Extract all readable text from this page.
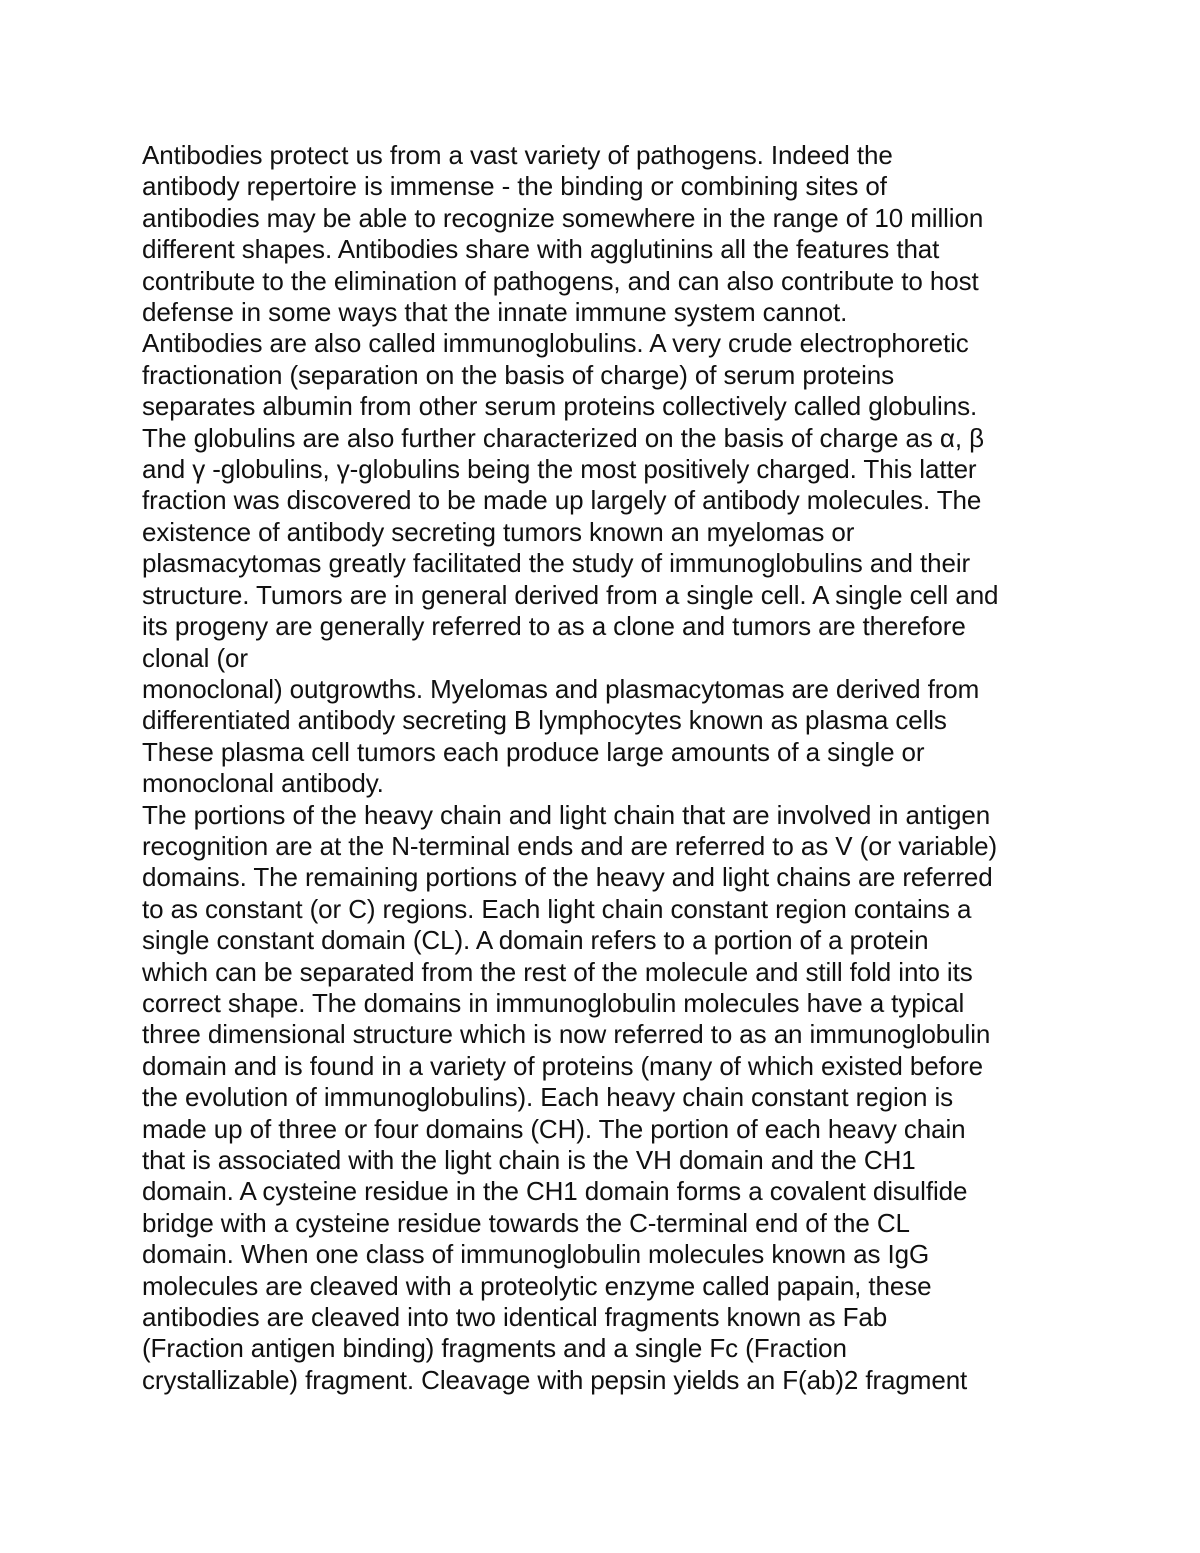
Antibodies protect us from a vast variety of pathogens. Indeed the
antibody repertoire is immense - the binding or combining sites of
antibodies may be able to recognize somewhere in the range of 10 million
different shapes. Antibodies share with agglutinins all the features that
contribute to the elimination of pathogens, and can also contribute to host
defense in some ways that the innate immune system cannot.
Antibodies are also called immunoglobulins. A very crude electrophoretic
fractionation (separation on the basis of charge) of serum proteins
separates albumin from other serum proteins collectively called globulins.
The globulins are also further characterized on the basis of charge as α, β
and γ -globulins, γ-globulins being the most positively charged. This latter
fraction was discovered to be made up largely of antibody molecules. The
existence of antibody secreting tumors known an myelomas or
plasmacytomas greatly facilitated the study of immunoglobulins and their
structure. Tumors are in general derived from a single cell. A single cell and
its progeny are generally referred to as a clone and tumors are therefore
clonal (or
monoclonal) outgrowths. Myelomas and plasmacytomas are derived from
differentiated antibody secreting B lymphocytes known as plasma cells
These plasma cell tumors each produce large amounts of a single or
monoclonal antibody.
The portions of the heavy chain and light chain that are involved in antigen
recognition are at the N-terminal ends and are referred to as V (or variable)
domains. The remaining portions of the heavy and light chains are referred
to as constant (or C) regions. Each light chain constant region contains a
single constant domain (CL). A domain refers to a portion of a protein
which can be separated from the rest of the molecule and still fold into its
correct shape. The domains in immunoglobulin molecules have a typical
three dimensional structure which is now referred to as an immunoglobulin
domain and is found in a variety of proteins (many of which existed before
the evolution of immunoglobulins). Each heavy chain constant region is
made up of three or four domains (CH). The portion of each heavy chain
that is associated with the light chain is the VH domain and the CH1
domain. A cysteine residue in the CH1 domain forms a covalent disulfide
bridge with a cysteine residue towards the C-terminal end of the CL
domain. When one class of immunoglobulin molecules known as IgG
molecules are cleaved with a proteolytic enzyme called papain, these
antibodies are cleaved into two identical fragments known as Fab
(Fraction antigen binding) fragments and a single Fc (Fraction
crystallizable) fragment. Cleavage with pepsin yields an F(ab)2 fragment
